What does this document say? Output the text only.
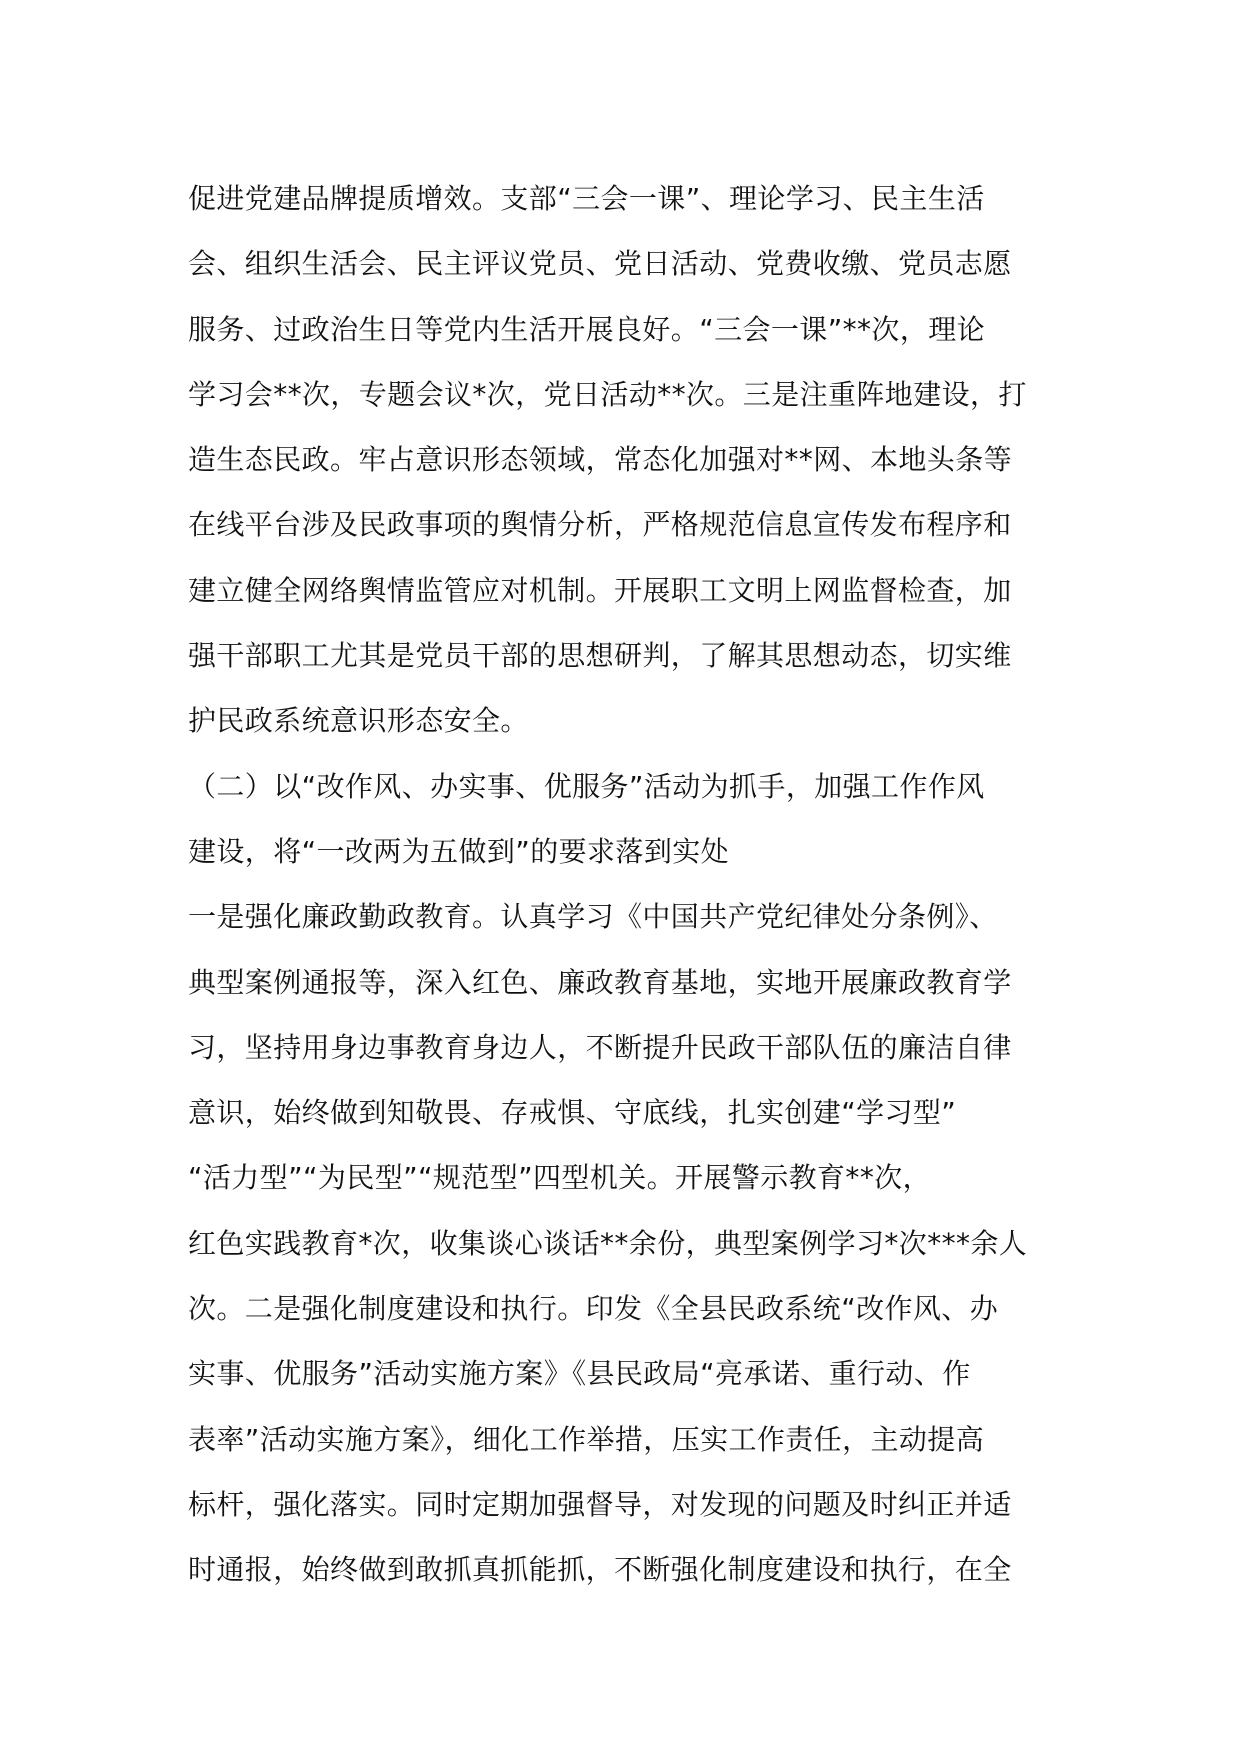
促进党建品牌提质增效。支部“三会一课”、理论学习、民主生活
会、组织生活会、民主评议党员、党日活动、党费收缴、党员志愿
服务、过政治生日等党内生活开展良好。“三会一课”**次，理论
学习会**次，专题会议*次，党日活动**次。三是注重阵地建设，打
造生态民政。牢占意识形态领域，常态化加强对**网、本地头条等
在线平台涉及民政事项的舆情分析，严格规范信息宣传发布程序和
建立健全网络舆情监管应对机制。开展职工文明上网监督检查，加
强干部职工尤其是党员干部的思想研判，了解其思想动态，切实维
护民政系统意识形态安全。
（二）以“改作风、办实事、优服务”活动为抓手，加强工作作风
建设，将“一改两为五做到”的要求落到实处
一是强化廉政勤政教育。认真学习《中国共产党纪律处分条例》、
典型案例通报等，深入红色、廉政教育基地，实地开展廉政教育学
习，坚持用身边事教育身边人，不断提升民政干部队伍的廉洁自律
意识，始终做到知敬畏、存戒惧、守底线，扎实创建“学习型”
“活力型”“为民型”“规范型”四型机关。开展警示教育**次，
红色实践教育*次，收集谈心谈话**余份，典型案例学习*次***余人
次。二是强化制度建设和执行。印发《全县民政系统“改作风、办
实事、优服务”活动实施方案》《县民政局“亮承诺、重行动、作
表率”活动实施方案》，细化工作举措，压实工作责任，主动提高
标杆，强化落实。同时定期加强督导，对发现的问题及时纠正并适
时通报，始终做到敢抓真抓能抓，不断强化制度建设和执行，在全
